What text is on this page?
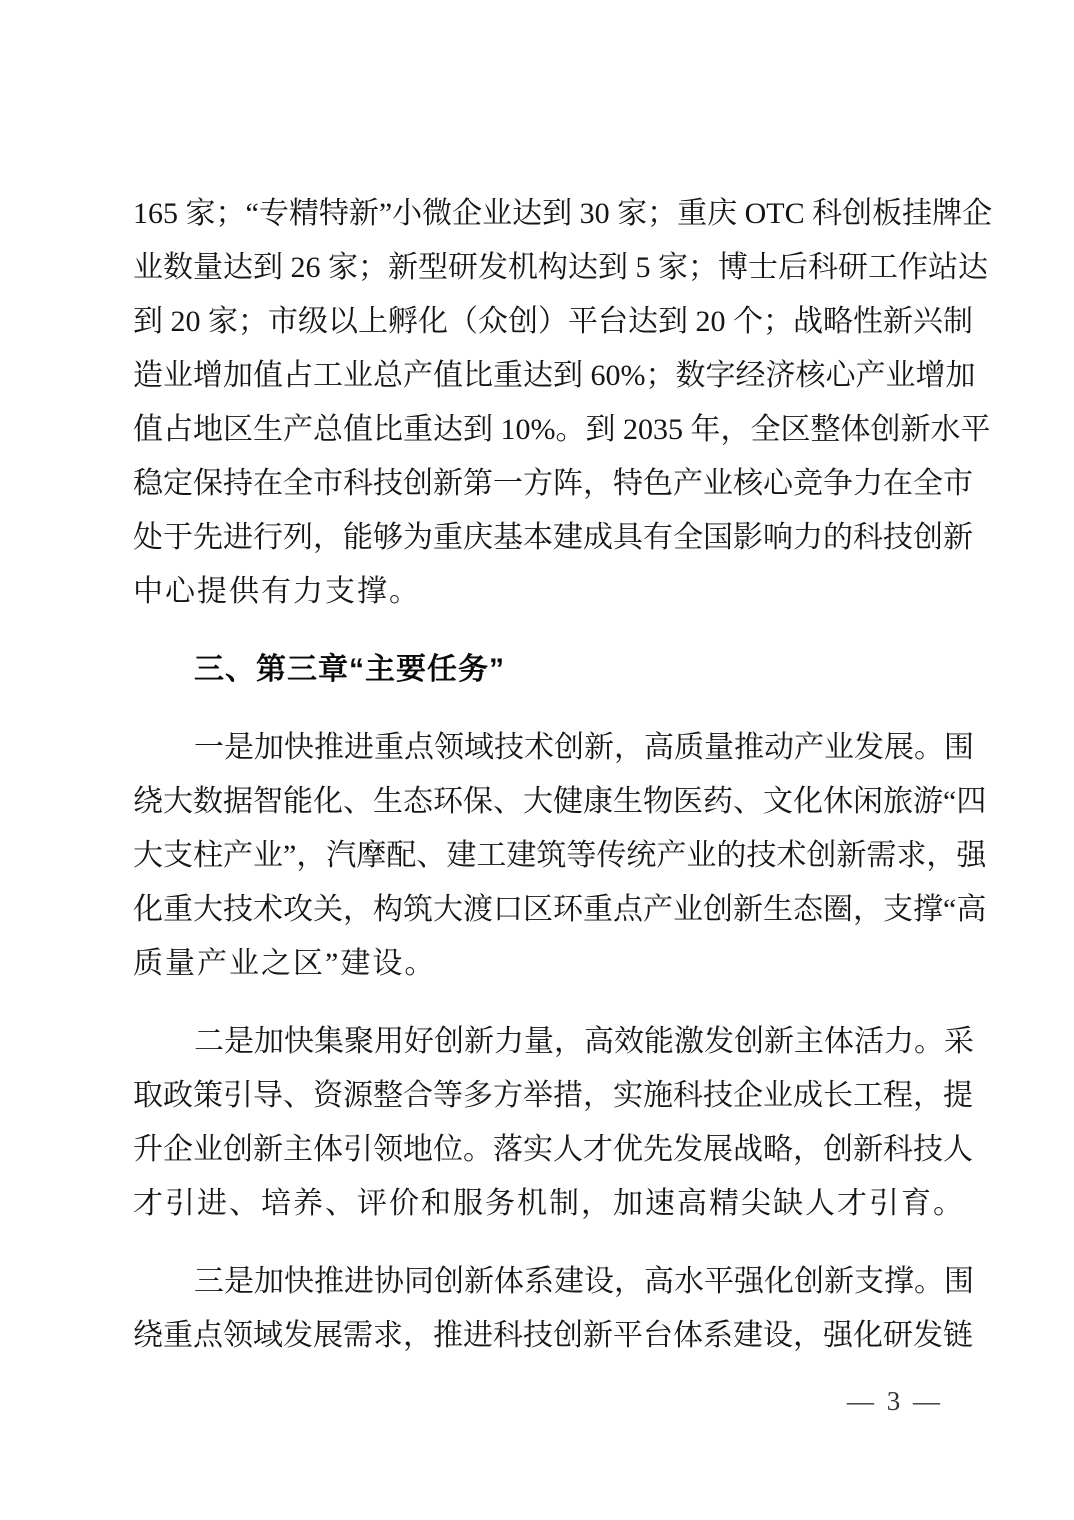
165 家；“专精特新”小微企业达到 30 家；重庆 OTC 科创板挂牌企
业数量达到 26 家；新型研发机构达到 5 家；博士后科研工作站达
到 20 家；市级以上孵化（众创）平台达到 20 个；战略性新兴制
造业增加值占工业总产值比重达到 60%；数字经济核心产业增加
值占地区生产总值比重达到 10%。到 2035 年，全区整体创新水平
稳定保持在全市科技创新第一方阵，特色产业核心竞争力在全市
处于先进行列，能够为重庆基本建成具有全国影响力的科技创新
中心提供有力支撑。
三、第三章“主要任务”
一是加快推进重点领域技术创新，高质量推动产业发展。围
绕大数据智能化、生态环保、大健康生物医药、文化休闲旅游“四
大支柱产业”，汽摩配、建工建筑等传统产业的技术创新需求，强
化重大技术攻关，构筑大渡口区环重点产业创新生态圈，支撑“高
质量产业之区”建设。
二是加快集聚用好创新力量，高效能激发创新主体活力。采
取政策引导、资源整合等多方举措，实施科技企业成长工程，提
升企业创新主体引领地位。落实人才优先发展战略，创新科技人
才引进、培养、评价和服务机制，加速高精尖缺人才引育。
三是加快推进协同创新体系建设，高水平强化创新支撑。围
绕重点领域发展需求，推进科技创新平台体系建设，强化研发链
— 3 —
